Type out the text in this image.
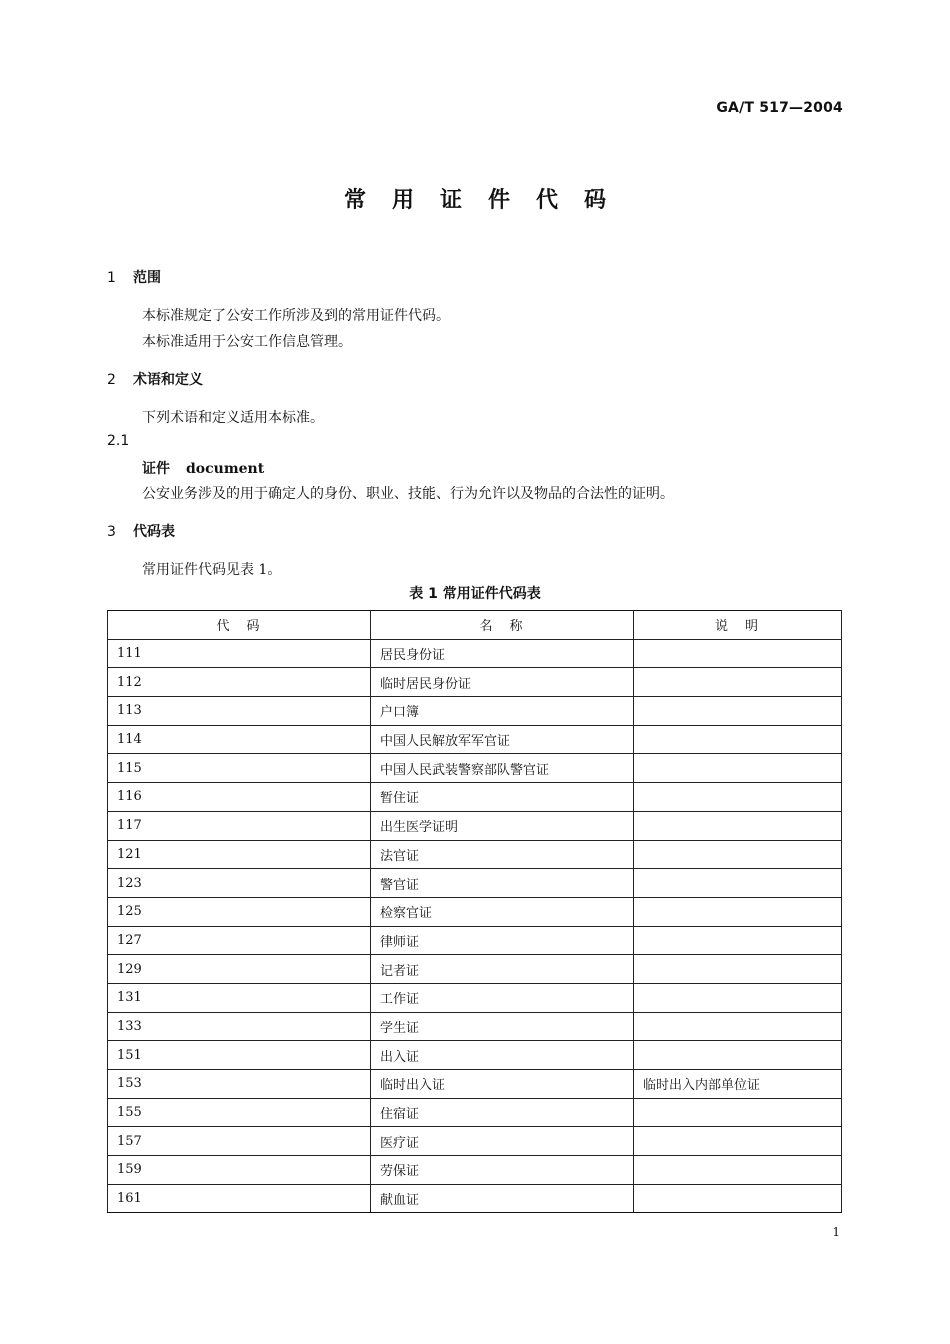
GA/T 517—2004
常用证件代码
1 范围
本标准规定了公安工作所涉及到的常用证件代码。
本标准适用于公安工作信息管理。
2 术语和定义
下列术语和定义适用本标准。
2.1
证件 document
公安业务涉及的用于确定人的身份、职业、技能、行为允许以及物品的合法性的证明。
3 代码表
常用证件代码见表 1。
表 1 常用证件代码表
代　码	名　称	说　明
111	居民身份证	
112	临时居民身份证	
113	户口簿	
114	中国人民解放军军官证	
115	中国人民武装警察部队警官证	
116	暂住证	
117	出生医学证明	
121	法官证	
123	警官证	
125	检察官证	
127	律师证	
129	记者证	
131	工作证	
133	学生证	
151	出入证	
153	临时出入证	临时出入内部单位证
155	住宿证	
157	医疗证	
159	劳保证	
161	献血证	
1
